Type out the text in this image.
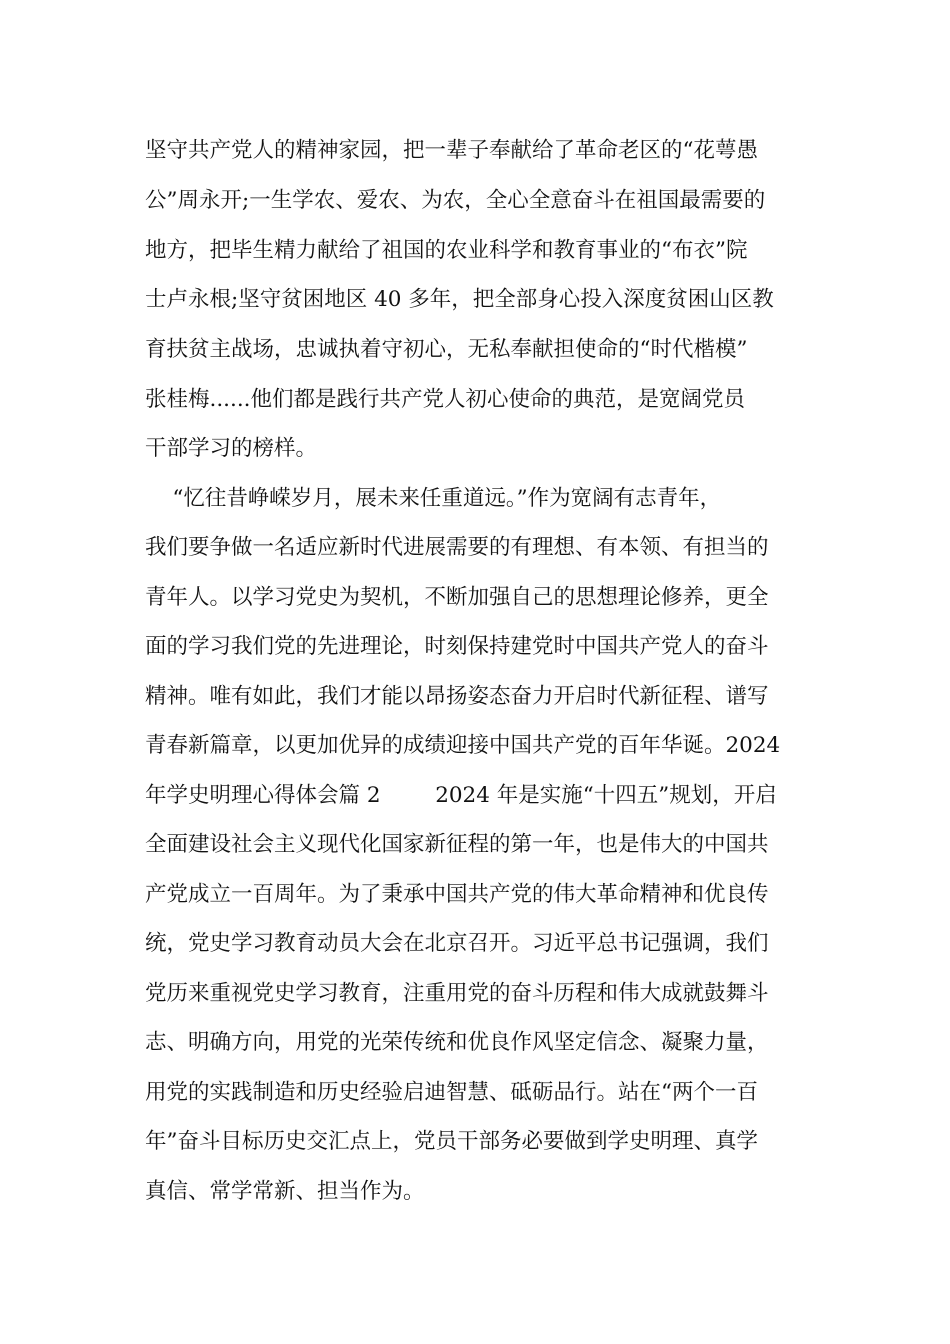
坚守共产党人的精神家园，把一辈子奉献给了革命老区的“花萼愚
公”周永开;一生学农、爱农、为农，全心全意奋斗在祖国最需要的
地方，把毕生精力献给了祖国的农业科学和教育事业的“布衣”院
士卢永根;坚守贫困地区 40 多年，把全部身心投入深度贫困山区教
育扶贫主战场，忠诚执着守初心，无私奉献担使命的“时代楷模”
张桂梅......他们都是践行共产党人初心使命的典范，是宽阔党员
干部学习的榜样。
“忆往昔峥嵘岁月，展未来任重道远。”作为宽阔有志青年，
我们要争做一名适应新时代进展需要的有理想、有本领、有担当的
青年人。以学习党史为契机，不断加强自己的思想理论修养，更全
面的学习我们党的先进理论，时刻保持建党时中国共产党人的奋斗
精神。唯有如此，我们才能以昂扬姿态奋力开启时代新征程、谱写
青春新篇章，以更加优异的成绩迎接中国共产党的百年华诞。2024
年学史明理心得体会篇 2        2024 年是实施“十四五”规划，开启
全面建设社会主义现代化国家新征程的第一年，也是伟大的中国共
产党成立一百周年。为了秉承中国共产党的伟大革命精神和优良传
统，党史学习教育动员大会在北京召开。习近平总书记强调，我们
党历来重视党史学习教育，注重用党的奋斗历程和伟大成就鼓舞斗
志、明确方向，用党的光荣传统和优良作风坚定信念、凝聚力量，
用党的实践制造和历史经验启迪智慧、砥砺品行。站在“两个一百
年”奋斗目标历史交汇点上，党员干部务必要做到学史明理、真学
真信、常学常新、担当作为。
